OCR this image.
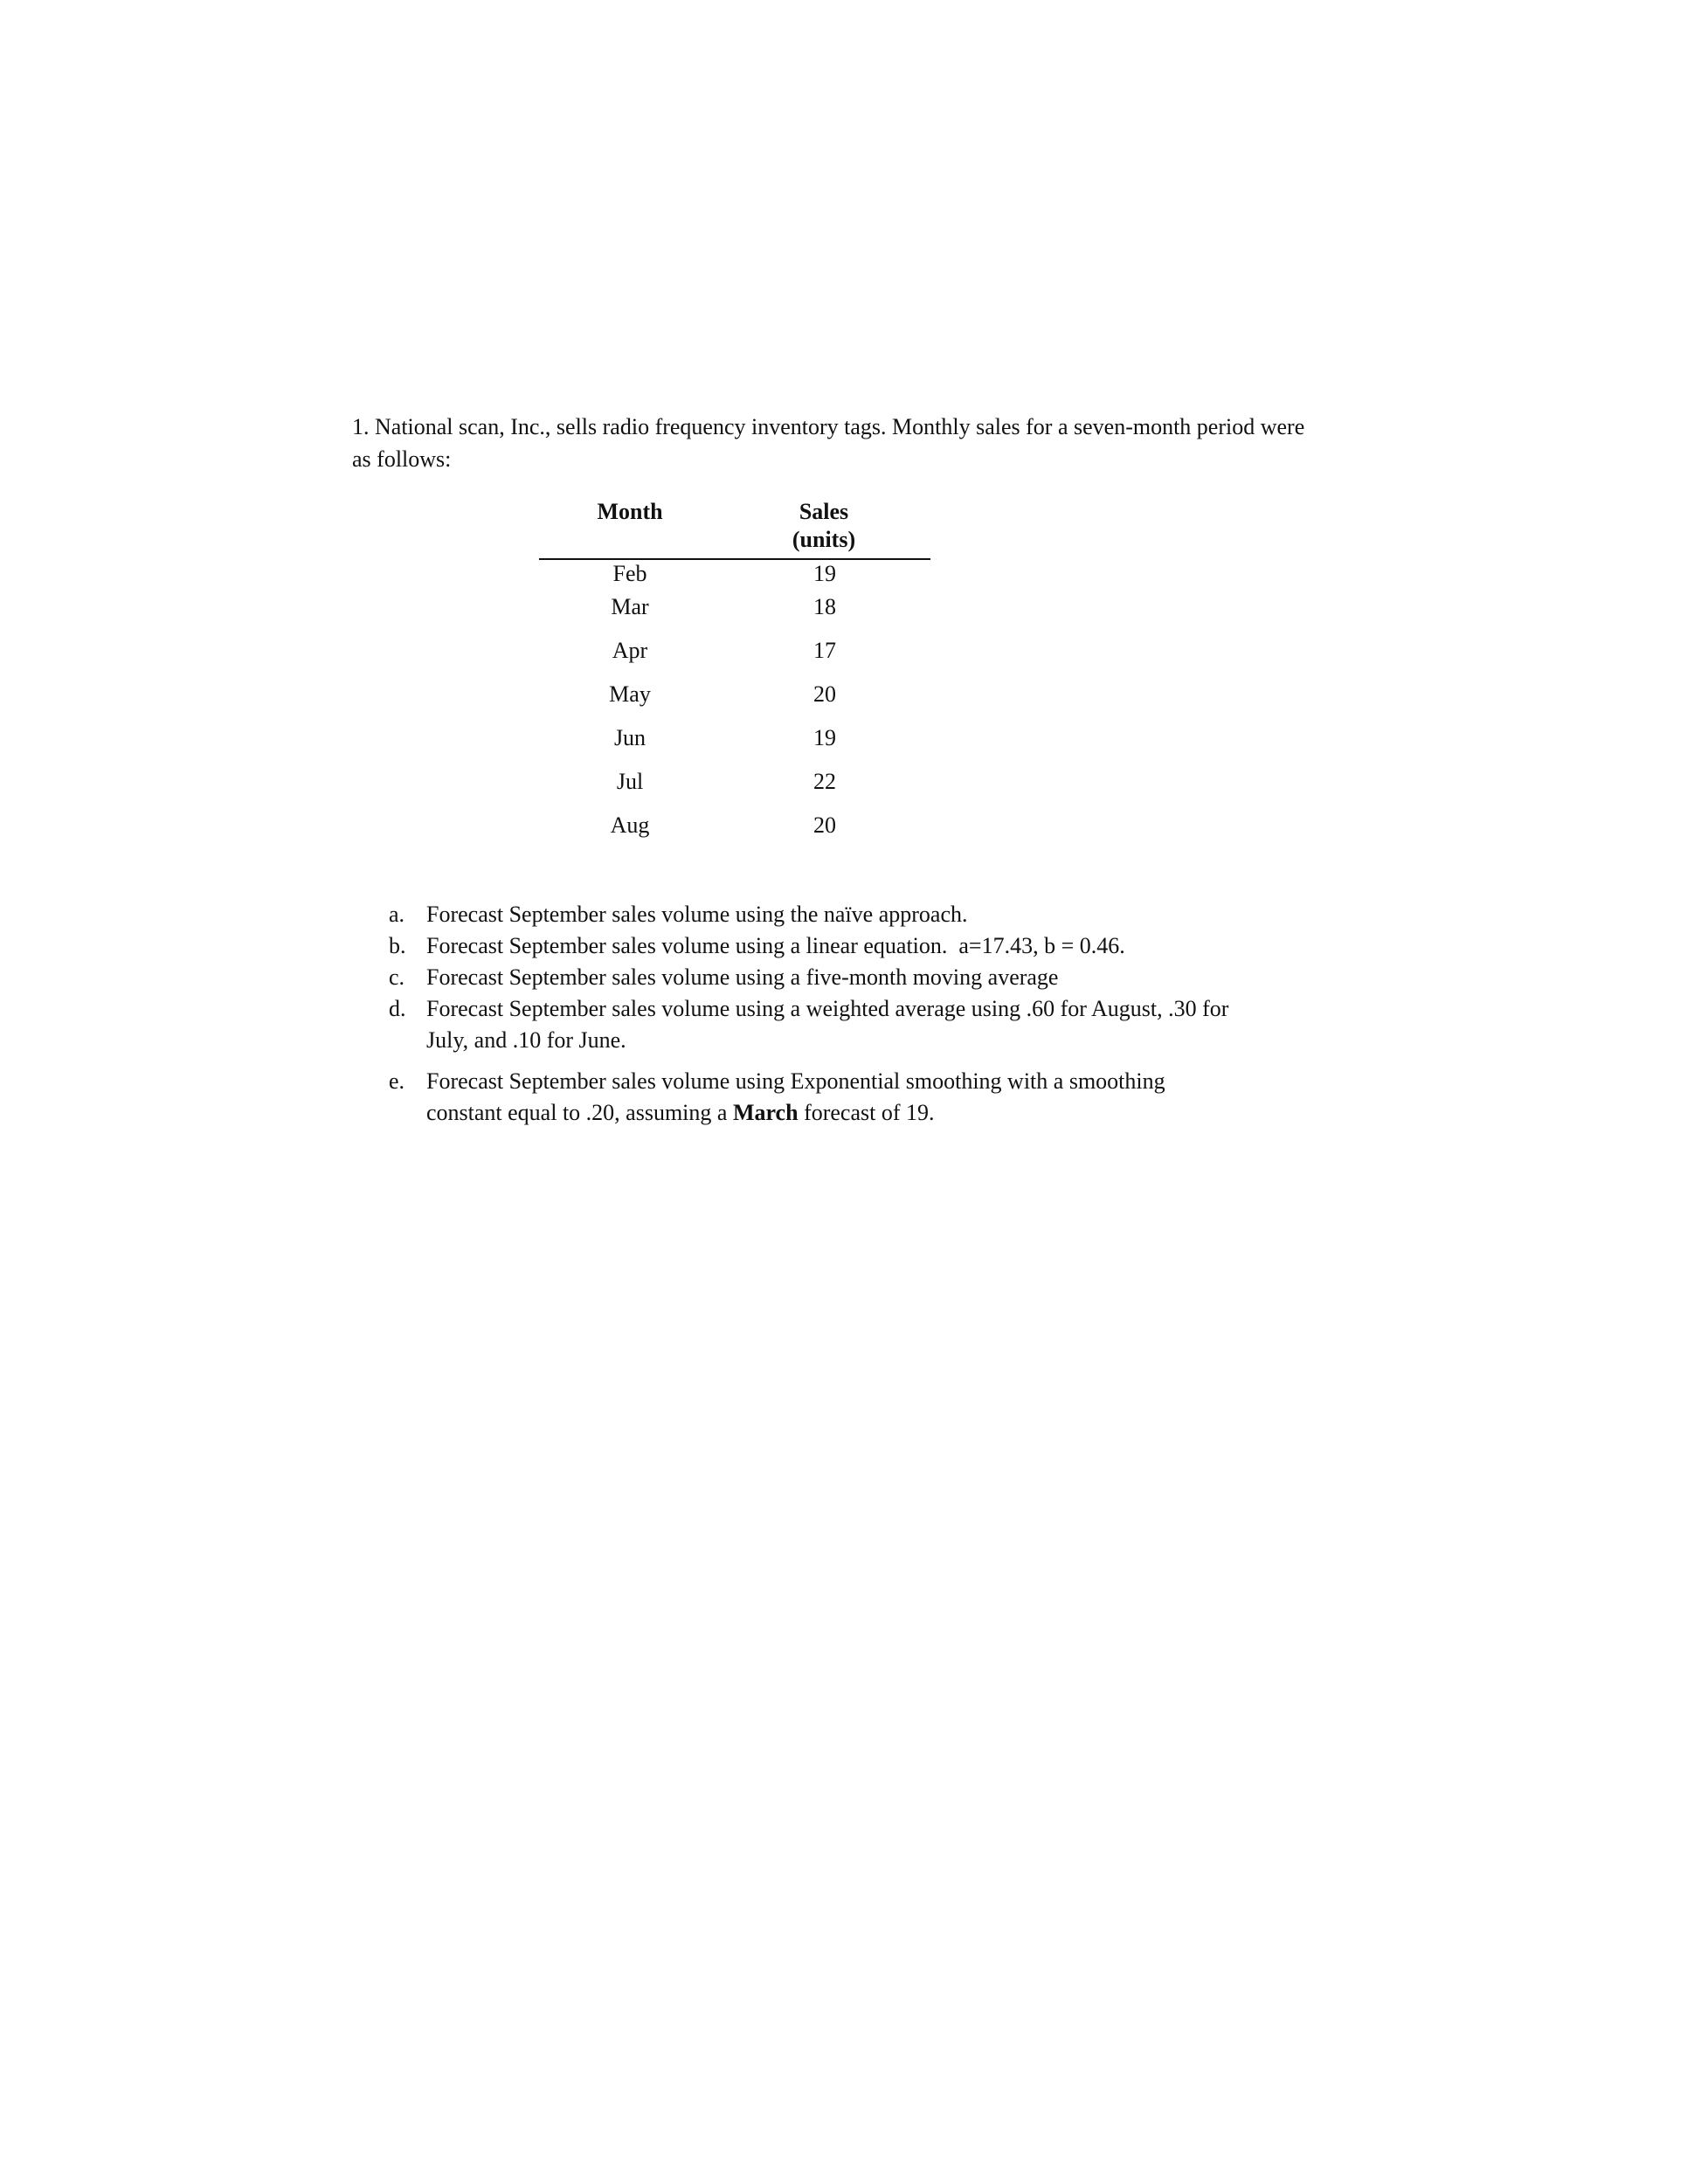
1. National scan, Inc., sells radio frequency inventory tags. Monthly sales for a seven-month period were as follows:

Month	Sales
(units)
Feb	19
Mar	18
Apr	17
May	20
Jun	19
Jul	22
Aug	20
a. Forecast September sales volume using the naïve approach.
b. Forecast September sales volume using a linear equation.  a=17.43, b = 0.46.
c. Forecast September sales volume using a five-month moving average
d. Forecast September sales volume using a weighted average using .60 for August, .30 for July, and .10 for June.
e. Forecast September sales volume using Exponential smoothing with a smoothing constant equal to .20, assuming a March forecast of 19.
